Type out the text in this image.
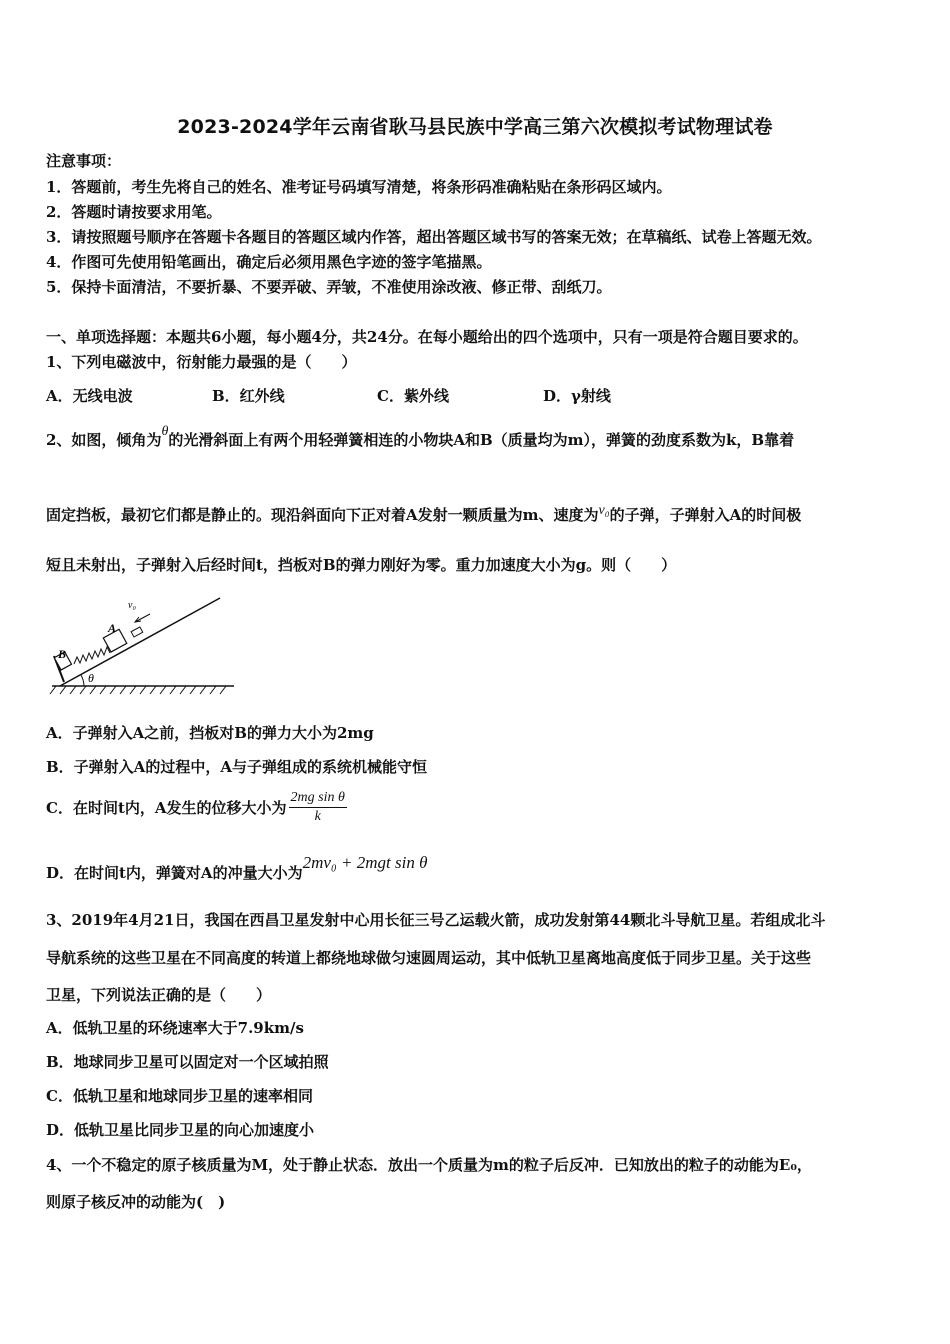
2023-2024学年云南省耿马县民族中学高三第六次模拟考试物理试卷
注意事项：
1．答题前，考生先将自己的姓名、准考证号码填写清楚，将条形码准确粘贴在条形码区域内。
2．答题时请按要求用笔。
3．请按照题号顺序在答题卡各题目的答题区域内作答，超出答题区域书写的答案无效；在草稿纸、试卷上答题无效。
4．作图可先使用铅笔画出，确定后必须用黑色字迹的签字笔描黑。
5．保持卡面清洁，不要折暴、不要弄破、弄皱，不准使用涂改液、修正带、刮纸刀。
一、单项选择题：本题共6小题，每小题4分，共24分。在每小题给出的四个选项中，只有一项是符合题目要求的。
1、下列电磁波中，衍射能力最强的是（　　）
A．无线电波	B．红外线	C．紫外线	D．γ射线
2、如图，倾角为θ的光滑斜面上有两个用轻弹簧相连的小物块A和B（质量均为m），弹簧的劲度系数为k，B靠着
固定挡板，最初它们都是静止的。现沿斜面向下正对着A发射一颗质量为m、速度为v₀的子弹，子弹射入A的时间极
短且未射出，子弹射入后经时间t，挡板对B的弹力刚好为零。重力加速度大小为g。则（　　）
v₀
A
B
θ
A．子弹射入A之前，挡板对B的弹力大小为2mg
B．子弹射入A的过程中，A与子弹组成的系统机械能守恒
C．在时间t内，A发生的位移大小为 $\frac{\text{2mg sin θ}}{k}$
D．在时间t内，弹簧对A的冲量大小为2mv₀ + 2mgt sin θ
3、2019年4月21日，我国在西昌卫星发射中心用长征三号乙运载火箭，成功发射第44颗北斗导航卫星。若组成北斗
导航系统的这些卫星在不同高度的转道上都绕地球做匀速圆周运动，其中低轨卫星离地高度低于同步卫星。关于这些
卫星，下列说法正确的是（　　）
A．低轨卫星的环绕速率大于7.9km/s
B．地球同步卫星可以固定对一个区域拍照
C．低轨卫星和地球同步卫星的速率相同
D．低轨卫星比同步卫星的向心加速度小
4、一个不稳定的原子核质量为M，处于静止状态．放出一个质量为m的粒子后反冲．已知放出的粒子的动能为E₀，
则原子核反冲的动能为(　)
